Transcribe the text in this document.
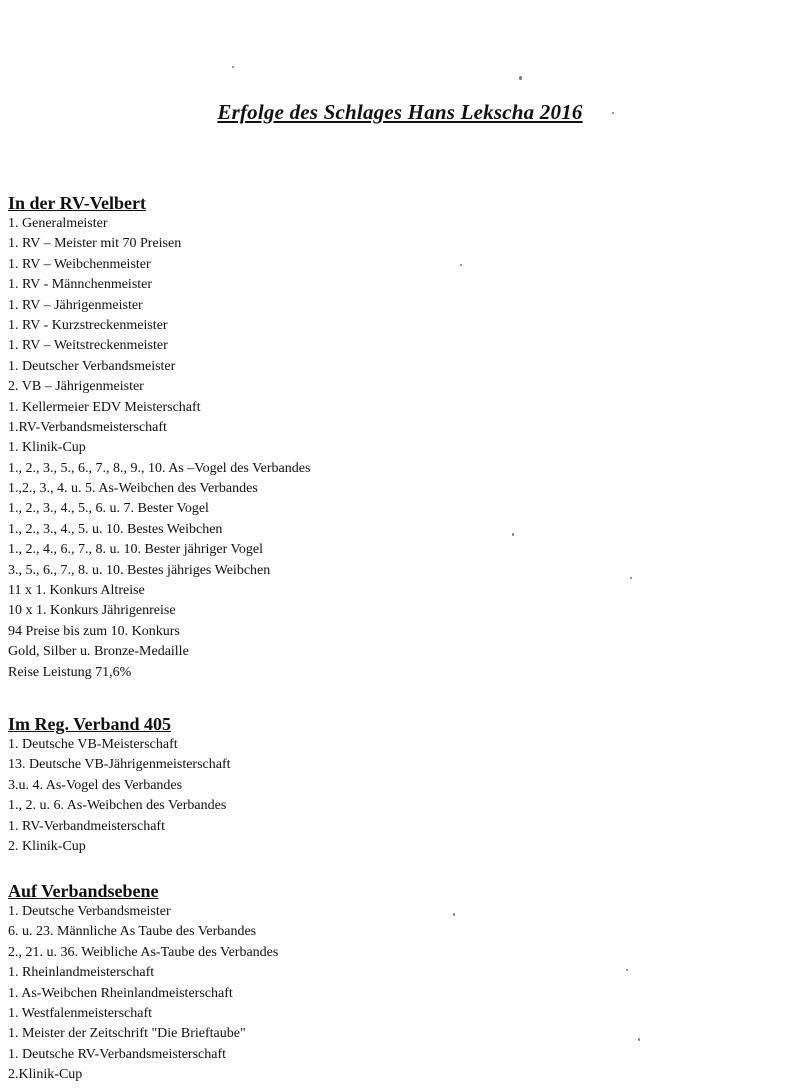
Erfolge des Schlages Hans Lekscha 2016
In der RV-Velbert
1. Generalmeister
1. RV – Meister mit 70 Preisen
1. RV – Weibchenmeister
1. RV - Männchenmeister
1. RV – Jährigenmeister
1. RV - Kurzstreckenmeister
1. RV – Weitstreckenmeister
1. Deutscher Verbandsmeister
2. VB – Jährigenmeister
1. Kellermeier EDV Meisterschaft
1.RV-Verbandsmeisterschaft
1. Klinik-Cup
1., 2., 3., 5., 6., 7., 8., 9., 10. As –Vogel des Verbandes
1.,2., 3., 4. u. 5. As-Weibchen des Verbandes
1., 2., 3., 4., 5., 6. u. 7. Bester Vogel
1., 2., 3., 4., 5. u. 10. Bestes Weibchen
1., 2., 4., 6., 7., 8. u. 10. Bester jähriger Vogel
3., 5., 6., 7., 8. u. 10. Bestes jähriges Weibchen
11 x 1. Konkurs Altreise
10 x 1. Konkurs Jährigenreise
94 Preise bis zum 10. Konkurs
Gold, Silber u. Bronze-Medaille
Reise Leistung 71,6%
Im Reg. Verband 405
1. Deutsche VB-Meisterschaft
13. Deutsche VB-Jährigenmeisterschaft
3.u. 4. As-Vogel des Verbandes
1., 2. u. 6. As-Weibchen des Verbandes
1. RV-Verbandmeisterschaft
2. Klinik-Cup
Auf Verbandsebene
1. Deutsche Verbandsmeister
6. u. 23. Männliche As Taube des Verbandes
2., 21. u. 36. Weibliche As-Taube des Verbandes
1. Rheinlandmeisterschaft
1. As-Weibchen Rheinlandmeisterschaft
1. Westfalenmeisterschaft
1. Meister der Zeitschrift "Die Brieftaube"
1. Deutsche RV-Verbandsmeisterschaft
2.Klinik-Cup
